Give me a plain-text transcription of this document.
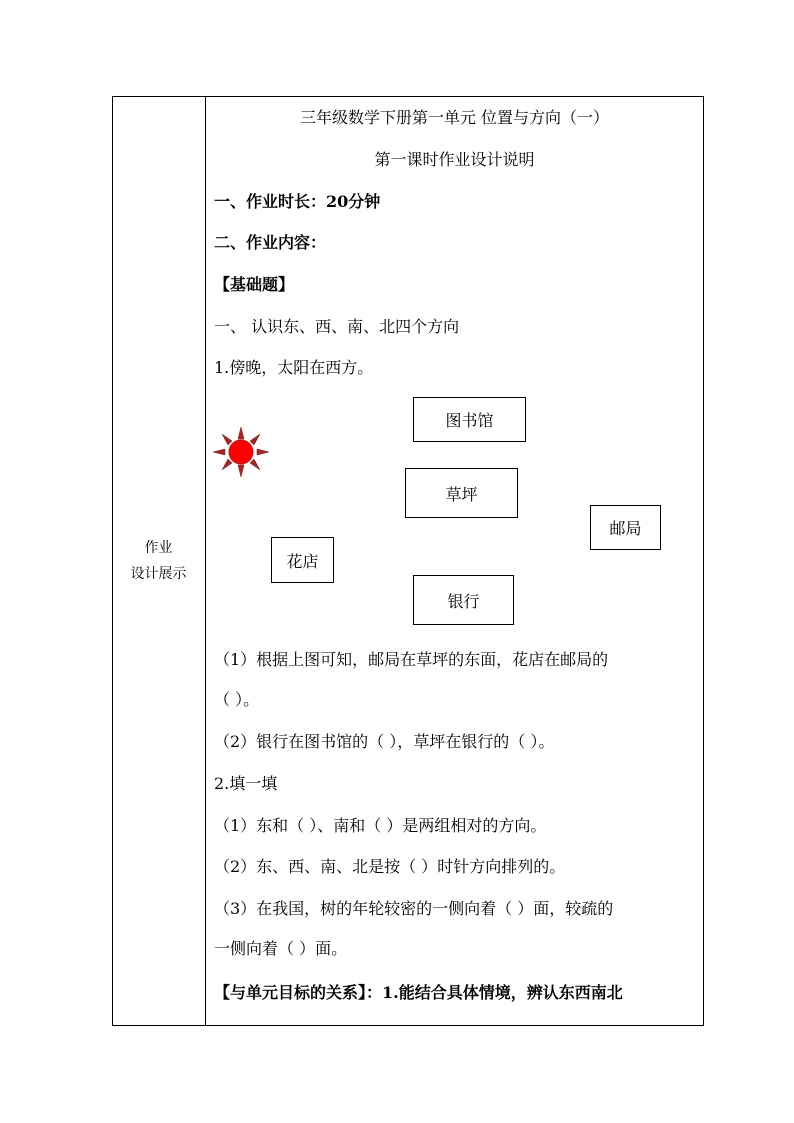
作业
设计展示
三年级数学下册第一单元 位置与方向（一）
第一课时作业设计说明
一、作业时长：20分钟
二、作业内容：
【基础题】
一、 认识东、西、南、北四个方向
1.傍晚，太阳在西方。
图书馆
草坪
邮局
花店
银行
（1）根据上图可知，邮局在草坪的东面，花店在邮局的
（ ）。
（2）银行在图书馆的（ ），草坪在银行的（ ）。
2.填一填
（1）东和（ ）、南和（ ）是两组相对的方向。
（2）东、西、南、北是按（ ）时针方向排列的。
（3）在我国，树的年轮较密的一侧向着（ ）面，较疏的
一侧向着（ ）面。
【与单元目标的关系】：1.能结合具体情境，辨认东西南北
